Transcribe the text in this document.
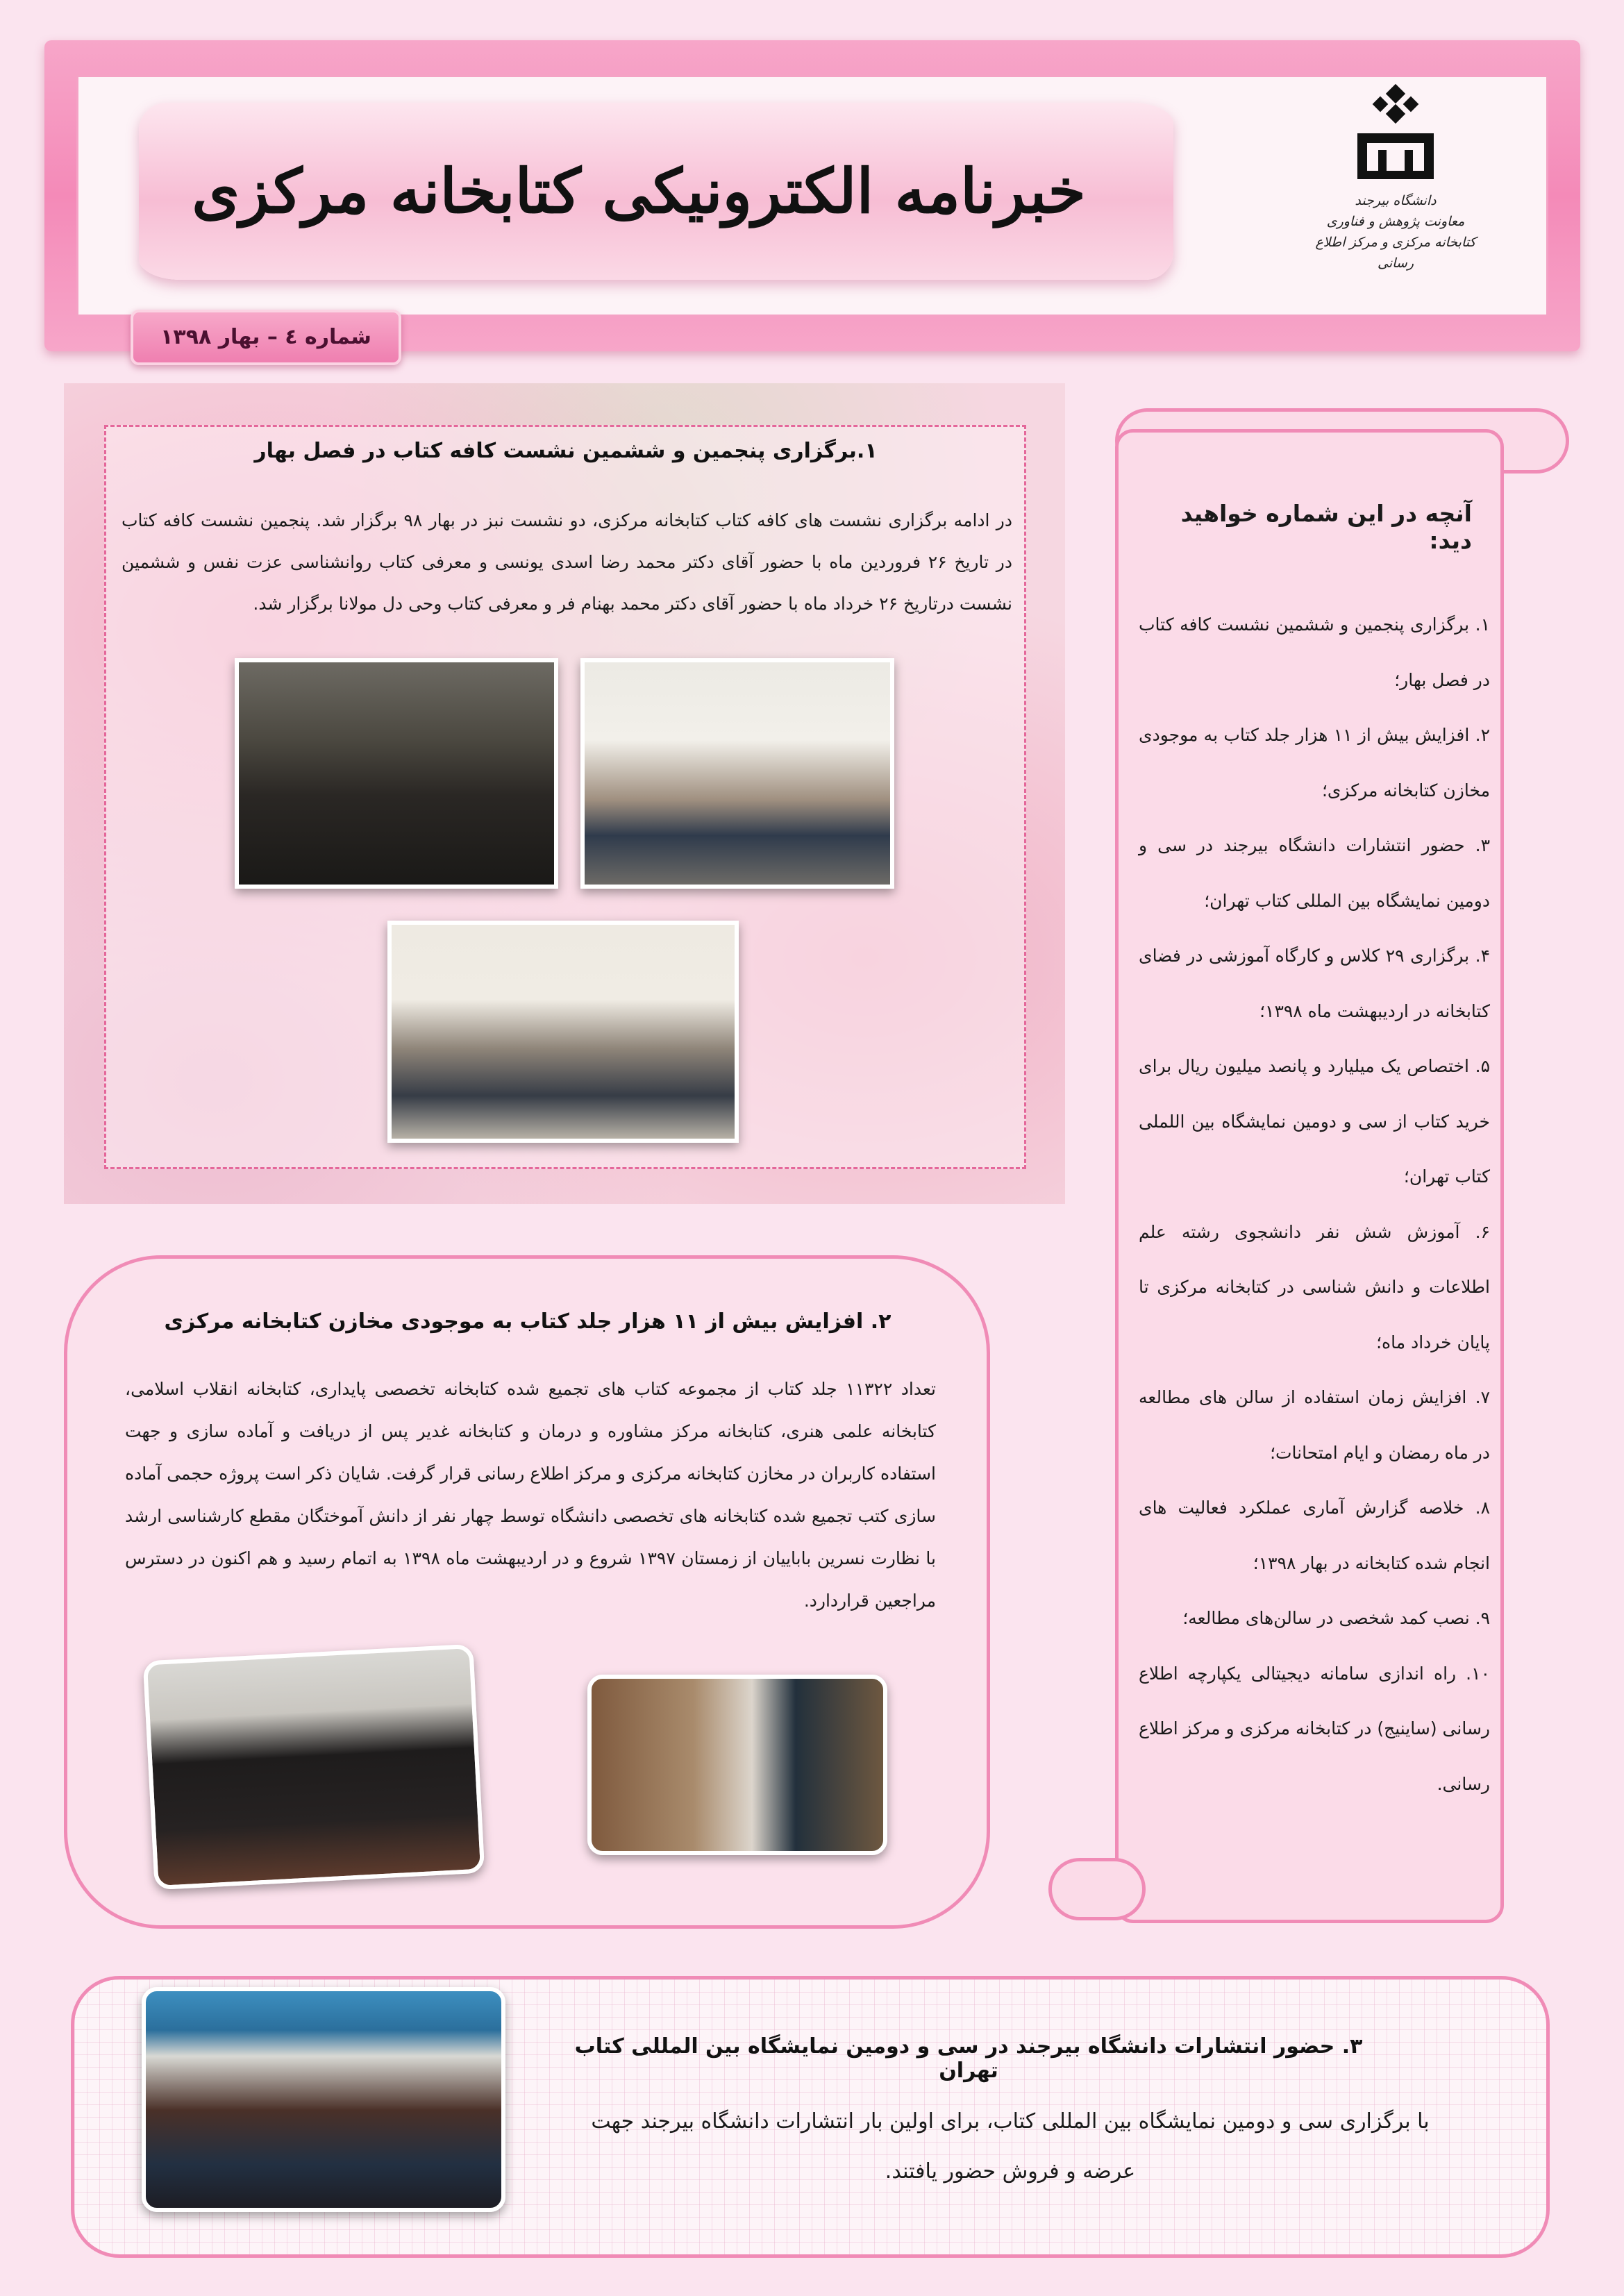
خبرنامه الکترونیکی کتابخانه مرکزی
شماره ٤ – بهار ۱۳۹۸
دانشگاه بیرجند
معاونت پژوهش و فناوری
کتابخانه مرکزی و مرکز اطلاع رسانی
۱.برگزاری پنجمین و ششمین نشست کافه کتاب در فصل بهار
در ادامه برگزاری نشست های کافه کتاب کتابخانه مرکزی، دو نشست نبز در بهار ۹۸ برگزار شد. پنجمین نشست کافه کتاب در تاریخ ۲۶ فروردین ماه با حضور آقای دکتر محمد رضا اسدی یونسی و معرفی کتاب روانشناسی عزت نفس و ششمین نشست درتاریخ ۲۶ خرداد ماه با حضور آقای دکتر محمد بهنام فر و معرفی کتاب وحی دل مولانا برگزار شد.
آنچه در این شماره خواهید دید:
۱. برگزاری پنجمین و ششمین نشست کافه کتاب در فصل بهار؛
۲. افزایش بیش از ۱۱ هزار جلد کتاب به موجودی مخازن کتابخانه مرکزی؛
۳. حضور انتشارات دانشگاه بیرجند در سی و دومین نمایشگاه بین المللی کتاب تهران؛
۴. برگزاری ۲۹ کلاس و کارگاه آموزشی در فضای کتابخانه در اردیبهشت ماه ۱۳۹۸؛
۵. اختصاص یک میلیارد و پانصد میلیون ریال برای خرید کتاب از سی و دومین نمایشگاه بین اللملی کتاب تهران؛
۶. آموزش شش نفر دانشجوی رشته علم اطلاعات و دانش شناسی در کتابخانه مرکزی تا پایان خرداد ماه؛
۷. افزایش زمان استفاده از سالن های مطالعه در ماه رمضان و ایام امتحانات؛
۸. خلاصه گزارش آماری عملکرد فعالیت های انجام شده کتابخانه در بهار ۱۳۹۸؛
۹. نصب کمد شخصی در سالن‌های مطالعه؛
۱۰. راه اندازی سامانه دیجیتالی یکپارچه اطلاع رسانی (ساینیج) در کتابخانه مرکزی و مرکز اطلاع رسانی.
۲. افزایش بیش از ۱۱ هزار جلد کتاب به موجودی مخازن کتابخانه مرکزی
تعداد ۱۱۳۲۲ جلد کتاب از مجموعه کتاب های تجمیع شده کتابخانه تخصصی پایداری، کتابخانه انقلاب اسلامی، کتابخانه علمی هنری، کتابخانه مرکز مشاوره و درمان و کتابخانه غدیر پس از دریافت و آماده سازی و جهت استفاده کاربران در مخازن کتابخانه مرکزی و مرکز اطلاع رسانی قرار گرفت. شایان ذکر است پروژه حجمی آماده سازی کتب تجمیع شده کتابخانه های تخصصی دانشگاه توسط چهار نفر از دانش آموختگان مقطع کارشناسی ارشد با نظارت نسرین باباییان از زمستان ۱۳۹۷ شروع و در اردیبهشت ماه ۱۳۹۸ به اتمام رسید و هم اکنون در دسترس مراجعین قراردارد.
۳. حضور انتشارات دانشگاه بیرجند در سی و دومین نمایشگاه بین المللی کتاب تهران
با برگزاری سی و دومین نمایشگاه بین المللی کتاب، برای اولین بار انتشارات دانشگاه بیرجند جهت عرضه و فروش حضور یافتند.
